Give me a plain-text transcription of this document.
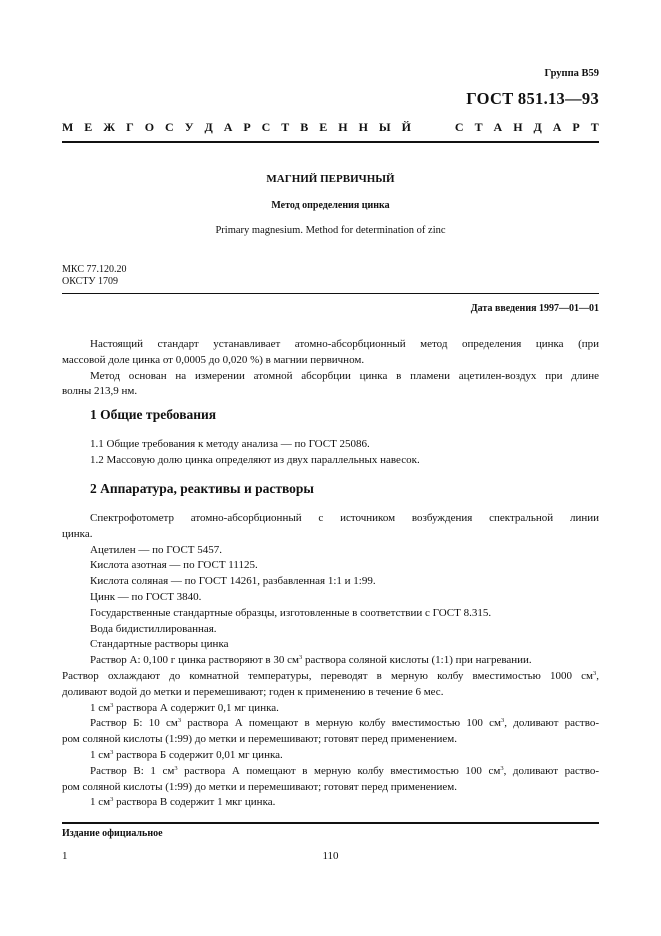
Группа В59
ГОСТ 851.13—93
М Е Ж Г О С У Д А Р С Т В Е Н Н Ы Й	С Т А Н Д А Р Т
МАГНИЙ ПЕРВИЧНЫЙ
Метод определения цинка
Primary magnesium. Method for determination of zinc
МКС 77.120.20
ОКСТУ 1709
Дата введения 1997—01—01

Настоящий стандарт устанавливает атомно-абсорбционный метод определения цинка (при

массовой доле цинка от 0,0005 до 0,020 %) в магнии первичном.

Метод основан на измерении атомной абсорбции цинка в пламени ацетилен-воздух при длине

волны 213,9 нм.

1 Общие требования

1.1 Общие требования к методу анализа — по ГОСТ 25086.

1.2 Массовую долю цинка определяют из двух параллельных навесок.

2 Аппаратура, реактивы и растворы

Спектрофотометр атомно-абсорбционный с источником возбуждения спектральной линии

цинка.

Ацетилен — по ГОСТ 5457.

Кислота азотная — по ГОСТ 11125.

Кислота соляная — по ГОСТ 14261, разбавленная 1:1 и 1:99.

Цинк — по ГОСТ 3840.

Государственные стандартные образцы, изготовленные в соответствии с ГОСТ 8.315.

Вода бидистиллированная.

Стандартные растворы цинка

Раствор А: 0,100 г цинка растворяют в 30 $см^3$ раствора соляной кислоты (1:1) при нагревании.

Раствор охлаждают до комнатной температуры, переводят в мерную колбу вместимостью 1000 $см^3$,

доливают водой до метки и перемешивают; годен к применению в течение 6 мес.

1 $см^3$ раствора А содержит 0,1 мг цинка.

Раствор Б: 10 $см^3$ раствора А помещают в мерную колбу вместимостью 100 $см^3$, доливают раство-

ром соляной кислоты (1:99) до метки и перемешивают; готовят перед применением.

1 $см^3$ раствора Б содержит 0,01 мг цинка.

Раствор В: 1 $см^3$ раствора А помещают в мерную колбу вместимостью 100 $см^3$, доливают раство-

ром соляной кислоты (1:99) до метки и перемешивают; готовят перед применением.

1 $см^3$ раствора В содержит 1 мкг цинка.

Издание официальное
1	110
